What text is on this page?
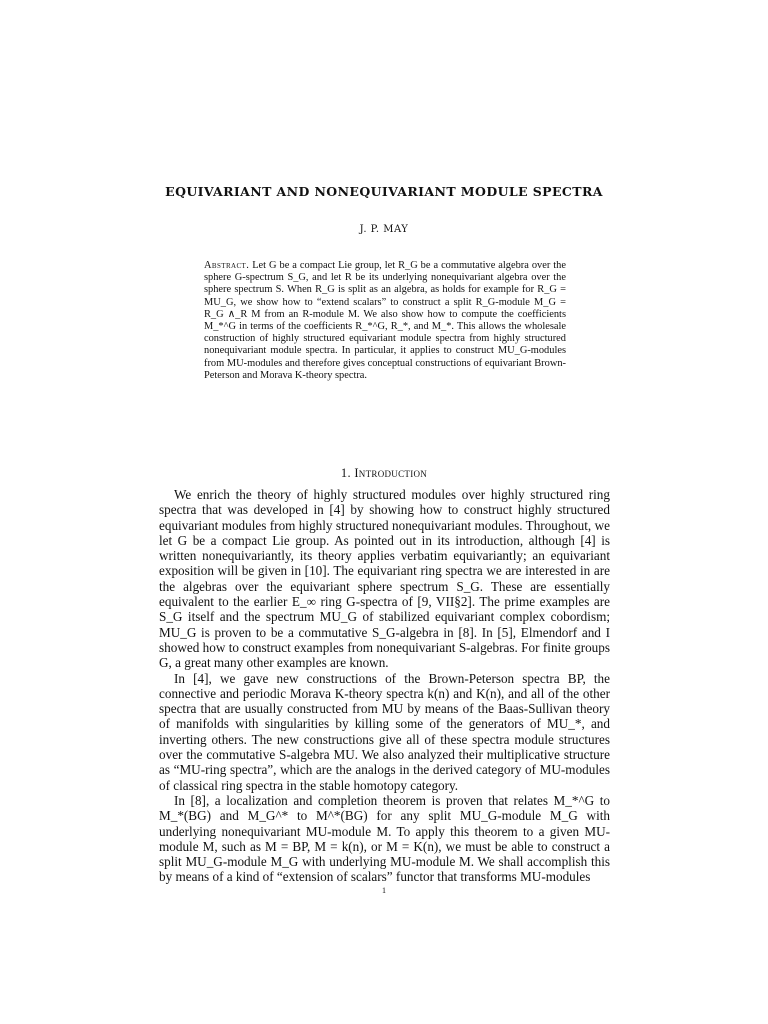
EQUIVARIANT AND NONEQUIVARIANT MODULE SPECTRA
J. P. MAY
Abstract. Let G be a compact Lie group, let R_G be a commutative algebra over the sphere G-spectrum S_G, and let R be its underlying nonequivariant algebra over the sphere spectrum S. When R_G is split as an algebra, as holds for example for R_G = MU_G, we show how to “extend scalars” to construct a split R_G-module M_G = R_G ∧_R M from an R-module M. We also show how to compute the coefficients M_*^G in terms of the coefficients R_*^G, R_*, and M_*. This allows the wholesale construction of highly structured equivariant module spectra from highly structured nonequivariant module spectra. In particular, it applies to construct MU_G-modules from MU-modules and therefore gives conceptual constructions of equivariant Brown-Peterson and Morava K-theory spectra.
1. Introduction

We enrich the theory of highly structured modules over highly structured ring spectra that was developed in [4] by showing how to construct highly structured equivariant modules from highly structured nonequivariant modules. Throughout, we let G be a compact Lie group. As pointed out in its introduction, although [4] is written nonequivariantly, its theory applies verbatim equivariantly; an equivariant exposition will be given in [10]. The equivariant ring spectra we are interested in are the algebras over the equivariant sphere spectrum S_G. These are essentially equivalent to the earlier E_∞ ring G-spectra of [9, VII§2]. The prime examples are S_G itself and the spectrum MU_G of stabilized equivariant complex cobordism; MU_G is proven to be a commutative S_G-algebra in [8]. In [5], Elmendorf and I showed how to construct examples from nonequivariant S-algebras. For finite groups G, a great many other examples are known.

In [4], we gave new constructions of the Brown-Peterson spectra BP, the connective and periodic Morava K-theory spectra k(n) and K(n), and all of the other spectra that are usually constructed from MU by means of the Baas-Sullivan theory of manifolds with singularities by killing some of the generators of MU_*, and inverting others. The new constructions give all of these spectra module structures over the commutative S-algebra MU. We also analyzed their multiplicative structure as “MU-ring spectra”, which are the analogs in the derived category of MU-modules of classical ring spectra in the stable homotopy category.

In [8], a localization and completion theorem is proven that relates M_*^G to M_*(BG) and M_G^* to M^*(BG) for any split MU_G-module M_G with underlying nonequivariant MU-module M. To apply this theorem to a given MU-module M, such as M = BP, M = k(n), or M = K(n), we must be able to construct a split MU_G-module M_G with underlying MU-module M. We shall accomplish this by means of a kind of “extension of scalars” functor that transforms MU-modules

1
